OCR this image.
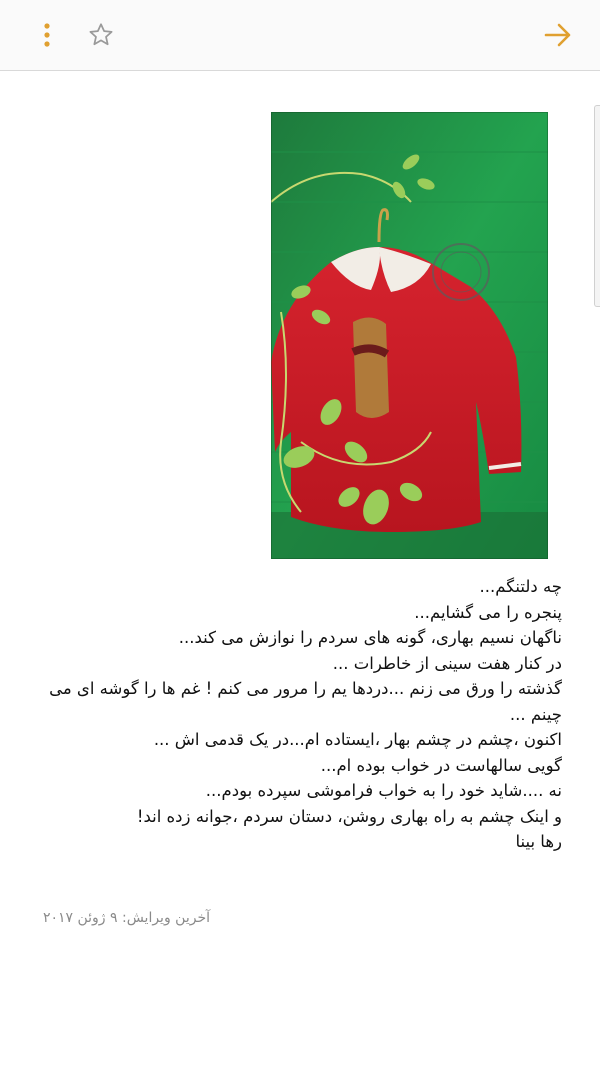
چه دلتنگم...
پنجره را می گشایم...
ناگهان نسیم بهاری، گونه های سردم را نوازش می کند...
در کنار هفت سینی از خاطرات ...
گذشته را ورق می زنم ...دردها یم را مرور می کنم ! غم ها را گوشه ای می چینم ...
اکنون ،چشم در چشم بهار ،ایستاده ام...در یک قدمی اش ...
گویی سالهاست در خواب بوده ام...
نه ....شاید خود را به خواب فراموشی سپرده بودم...
و اینک چشم به راه بهاری روشن، دستان سردم ،جوانه زده اند!
رها بینا
آخرین ویرایش: ۹ ژوئن ۲۰۱۷
